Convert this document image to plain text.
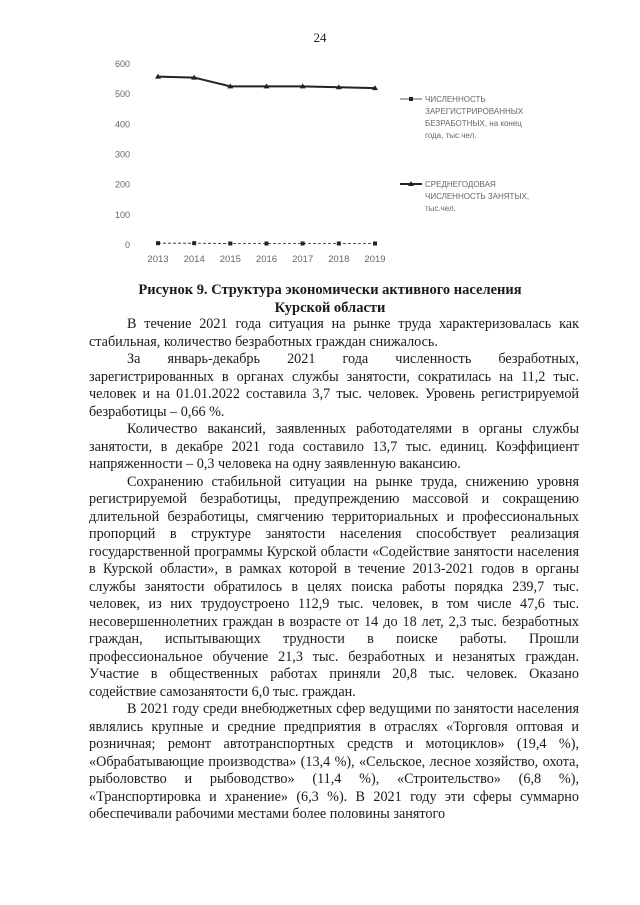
24
0
100
200
300
400
500
600
2013 2014 2015 2016 2017 2018 2019
ЧИСЛЕННОСТЬ
ЗАРЕГИСТРИРОВАННЫХ
БЕЗРАБОТНЫХ, на конец
года, тыс.чел.
СРЕДНЕГОДОВАЯ
ЧИСЛЕННОСТЬ ЗАНЯТЫХ,
тыс.чел.
Рисунок 9. Структура экономически активного населения
Курской области

В течение 2021 года ситуация на рынке труда характеризовалась как стабильная, количество безработных граждан снижалось.

За январь-декабрь 2021 года численность безработных, зарегистрированных в органах службы занятости, сократилась на 11,2 тыс. человек и на 01.01.2022 составила 3,7 тыс. человек. Уровень регистрируемой безработицы – 0,66 %.

Количество вакансий, заявленных работодателями в органы службы занятости, в декабре 2021 года составило 13,7 тыс. единиц. Коэффициент напряженности – 0,3 человека на одну заявленную вакансию.

Сохранению стабильной ситуации на рынке труда, снижению уровня регистрируемой безработицы, предупреждению массовой и сокращению длительной безработицы, смягчению территориальных и профессиональных пропорций в структуре занятости населения способствует реализация государственной программы Курской области «Содействие занятости населения в Курской области», в рамках которой в течение 2013-2021 годов в органы службы занятости обратилось в целях поиска работы порядка 239,7 тыс. человек, из них трудоустроено 112,9 тыс. человек, в том числе 47,6 тыс. несовершеннолетних граждан в возрасте от 14 до 18 лет, 2,3 тыс. безработных граждан, испытывающих трудности в поиске работы. Прошли профессиональное обучение 21,3 тыс. безработных и незанятых граждан. Участие в общественных работах приняли 20,8 тыс. человек. Оказано содействие самозанятости 6,0 тыс. граждан.

В 2021 году среди внебюджетных сфер ведущими по занятости населения являлись крупные и средние предприятия в отраслях «Торговля оптовая и розничная; ремонт автотранспортных средств и мотоциклов» (19,4 %), «Обрабатывающие производства» (13,4 %), «Сельское, лесное хозяйство, охота, рыболовство и рыбоводство» (11,4 %), «Строительство» (6,8 %), «Транспортировка и хранение» (6,3 %). В 2021 году эти сферы суммарно обеспечивали рабочими местами более половины занятого
